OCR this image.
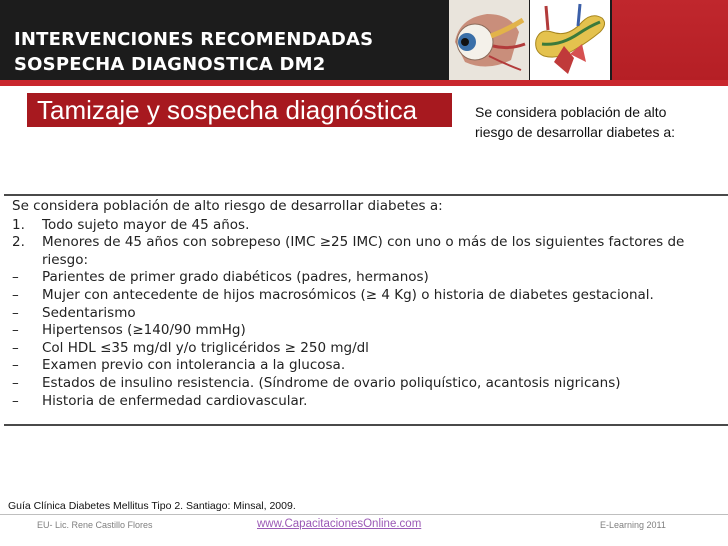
INTERVENCIONES RECOMENDADAS
SOSPECHA DIAGNOSTICA DM2
Tamizaje y sospecha diagnóstica	Se considera población de alto riesgo de desarrollar diabetes a:

Se considera población de alto riesgo de desarrollar diabetes a:

1.	Todo sujeto mayor de 45 años.
2.	Menores de 45 años con sobrepeso (IMC ≥25 IMC) con uno o más de los siguientes factores de riesgo:
–	Parientes de primer grado diabéticos (padres, hermanos)
–	Mujer con antecedente de hijos macrosómicos (≥ 4 Kg) o historia de diabetes gestacional.
–	Sedentarismo
–	Hipertensos (≥140/90 mmHg)
–	Col HDL ≤35 mg/dl y/o triglicéridos ≥ 250 mg/dl
–	Examen previo con intolerancia a la glucosa.
–	Estados de insulino resistencia. (Síndrome de ovario poliquístico, acantosis nigricans)
–	Historia de enfermedad cardiovascular.

Guía Clínica Diabetes Mellitus Tipo 2. Santiago: Minsal, 2009.

EU- Lic. Rene Castillo Flores	www.CapacitacionesOnline.com	E-Learning 2011
